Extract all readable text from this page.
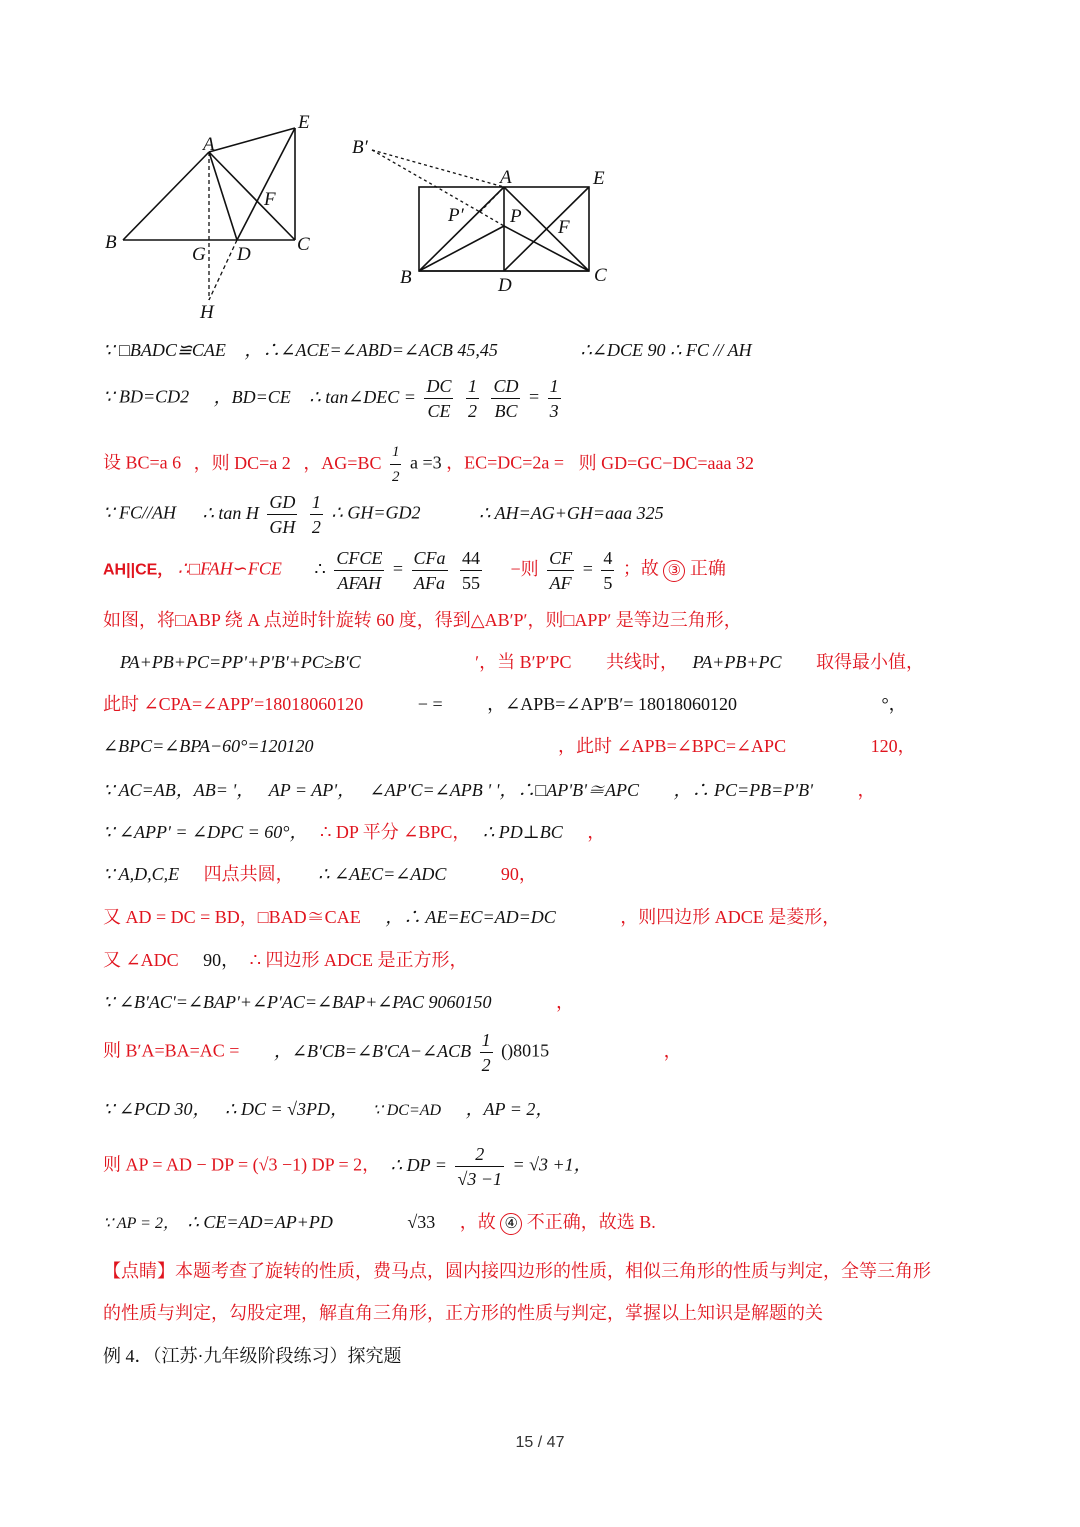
A
E
F
B
G D C
H
B′
A	E
P′ P
F
B	D	C
∵ □BADC≌CAE ，∴∠ACE=∠ABD=∠ACB 45,45	∴∠DCE 90 ∴ FC // AH
∵ BD=CD2 ，BD=CE ∴ tan∠DEC = $\frac{DC}{CE}$
$\frac{1}{2}$
$\frac{CD}{BC} = \frac{1}{3}$
设 BC=a 6 ，则 DC=a 2 ，$AG=BC \frac{1}{2}$ a =3 ，EC=DC=2a = 则 GD=GC−DC=aaa 32
∵ FC//AH ∴ tan H $\frac{GD}{GH}$
$\frac{1}{2}$ ∴ GH=GD2	∴ AH=AG+GH=aaa 325
AH||CE， ∴□FAH∽FCE ∴ $\frac{\text{CFCE}}{\text{AFAH}} = \frac{\text{CFa}}{\text{AFa}}$
$\frac{44}{55}$ −则 $\frac{CF}{AF} = \frac{4}{5}$ ；故 ③ 正确
如图，将□ABP 绕 A 点逆时针旋转 60 度，得到△ABʹPʹ，则□APPʹ 是等边三角形，
PA+PB+PC=PPʹ+PʹBʹ+PC≥BʹC	ʹ，当 BʹPʹPC 共线时， PA+PB+PC 取得最小值，
此时 ∠CPA=∠APP′=18018060120	− = ，∠APB=∠APʹBʹ= 18018060120	°，
∠BPC=∠BPA−60°=120120	，此时 ∠APB=∠BPC=∠APC	120，
∵ AC=AB，AB= ʹ， AP = APʹ， ∠APʹC=∠APB ʹ ʹ，∴□APʹBʹ≅APC ，∴ PC=PB=PʹBʹ ，
∵ ∠APPʹ = ∠DPC = 60°， ∴ DP 平分 ∠BPC， ∴ PD⊥BC ，
∵ A,D,C,E 四点共圆， ∴ ∠AEC=∠ADC	90，
又 AD = DC = BD，□BAD≅CAE ，∴ AE=EC=AD=DC	，则四边形 ADCE 是菱形，
又 ∠ADC 90， ∴ 四边形 ADCE 是正方形，
∵ ∠BʹACʹ=∠BAPʹ+∠PʹAC=∠BAP+∠PAC 9060150	，
则 BʹA=BA=AC = ，∠BʹCB=∠BʹCA−∠ACB $\frac{1}{2} ()8015$	，
∵ ∠PCD 30， ∴ DC = √3PD， ∵ DC=AD ，AP = 2，
则 AP = AD − DP = (√3 −1) DP = 2， ∴ DP = $\frac{2}{√3 -1} = √3 +1$，
∵ AP = 2， ∴ CE=AD=AP+PD	√33 ，故 ④ 不正确，故选 B.
【点睛】本题考查了旋转的性质，费马点，圆内接四边形的性质，相似三角形的性质与判定，全等三角形
的性质与判定，勾股定理，解直角三角形，正方形的性质与判定，掌握以上知识是解题的关
例 4．（江苏·九年级阶段练习）探究题
15 / 47
